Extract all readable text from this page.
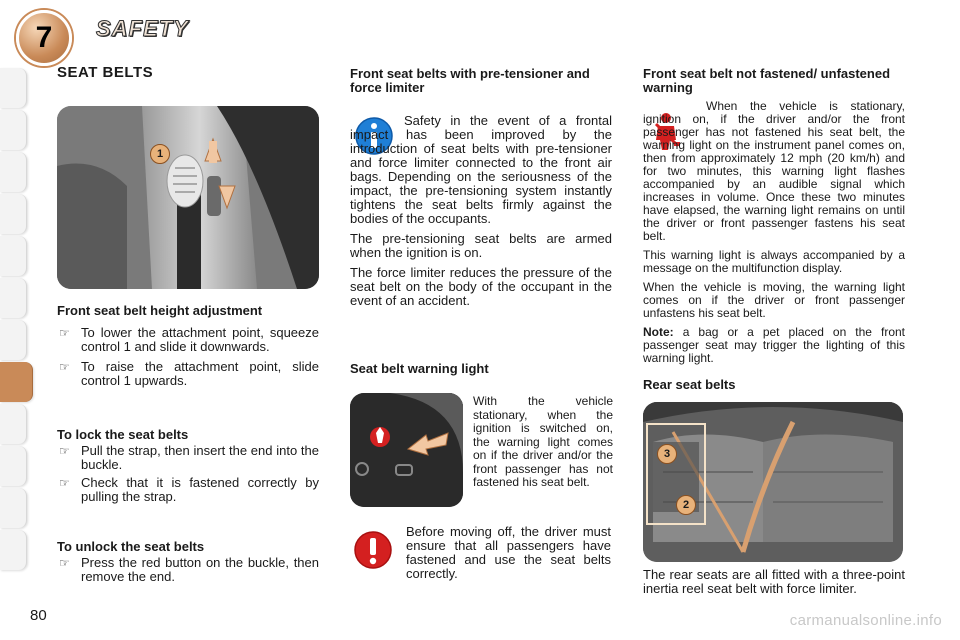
7	SAFETY
SEAT BELTS
1
Front seat belt height adjustment

☞ To lower the attachment point, squeeze control 1 and slide it downwards.

☞ To raise the attachment point, slide control 1 upwards.

To lock the seat belts

☞ Pull the strap, then insert the end into the buckle.

☞ Check that it is fastened correctly by pulling the strap.

To unlock the seat belts

☞ Press the red button on the buckle, then remove the end.

Front seat belts with pre-tensioner and force limiter

Safety in the event of a frontal impact has been improved by the introduction of seat belts with pre-tensioner and force limiter connected to the front air bags. Depending on the seriousness of the impact, the pre-tensioning system instantly tightens the seat belts firmly against the bodies of the occupants.

The pre-tensioning seat belts are armed when the ignition is on.

The force limiter reduces the pressure of the seat belt on the body of the occupant in the event of an accident.

Seat belt warning light

With the vehicle stationary, when the ignition is switched on, the warning light comes on if the driver and/or the front passenger has not fastened his seat belt.

Before moving off, the driver must ensure that all passengers have fastened and use the seat belts correctly.

Front seat belt not fastened/ unfastened warning

When the vehicle is stationary, ignition on, if the driver and/or the front passenger has not fastened his seat belt, the warning light on the instrument panel comes on, then from approximately 12 mph (20 km/h) and for two minutes, this warning light flashes accompanied by an audible signal which increases in volume. Once these two minutes have elapsed, the warning light remains on until the driver or front passenger fastens his seat belt.

This warning light is always accompanied by a message on the multifunction display.

When the vehicle is moving, the warning light comes on if the driver or front passenger unfastens his seat belt.

Note: a bag or a pet placed on the front passenger seat may trigger the lighting of this warning light.

Rear seat belts
3
2

The rear seats are all fitted with a three-point inertia reel seat belt with force limiter.

80	carmanualsonline.info
